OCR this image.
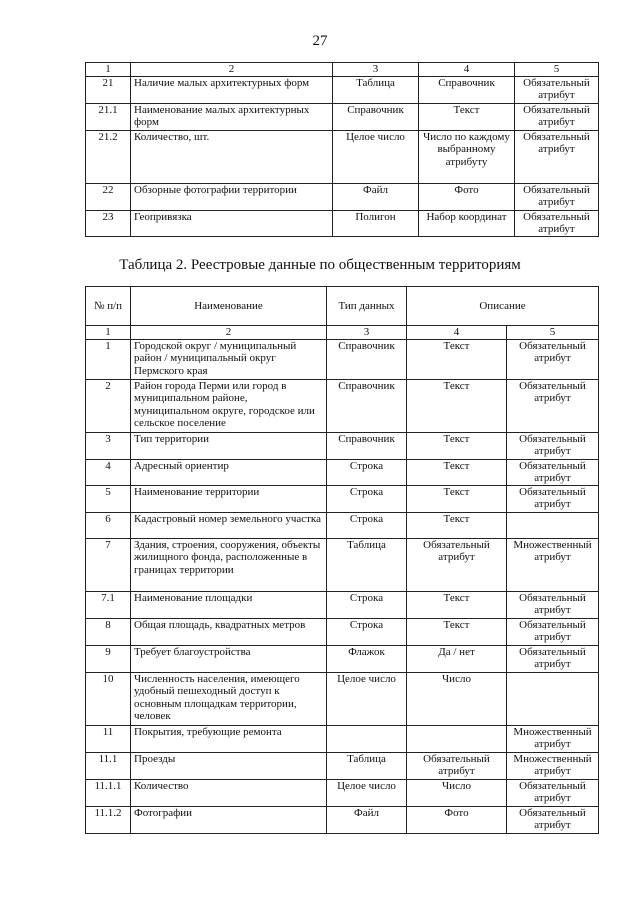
27
1	2	3	4	5
21	Наличие малых архитектурных форм	Таблица	Справочник	Обязательный атрибут
21.1	Наименование малых архитектурных форм	Справочник	Текст	Обязательный атрибут
21.2	Количество, шт.	Целое число	Число по каждому выбранному атрибуту	Обязательный атрибут
22	Обзорные фотографии территории	Файл	Фото	Обязательный атрибут
23	Геопривязка	Полигон	Набор координат	Обязательный атрибут
Таблица 2. Реестровые данные по общественным территориям
№ п/п	Наименование	Тип данных	Описание	
1	2	3	4	5
1	Городской округ / муниципальный район / муниципальный округ Пермского края	Справочник	Текст	Обязательный атрибут
2	Район города Перми или город в муниципальном районе, муниципальном округе, городское или сельское поселение	Справочник	Текст	Обязательный атрибут
3	Тип территории	Справочник	Текст	Обязательный атрибут
4	Адресный ориентир	Строка	Текст	Обязательный атрибут
5	Наименование территории	Строка	Текст	Обязательный атрибут
6	Кадастровый номер земельного участка	Строка	Текст	
7	Здания, строения, сооружения, объекты жилищного фонда, расположенные в границах территории	Таблица	Обязательный атрибут	Множественный атрибут
7.1	Наименование площадки	Строка	Текст	Обязательный атрибут
8	Общая площадь, квадратных метров	Строка	Текст	Обязательный атрибут
9	Требует благоустройства	Флажок	Да / нет	Обязательный атрибут
10	Численность населения, имеющего удобный пешеходный доступ к основным площадкам территории, человек	Целое число	Число	
11	Покрытия, требующие ремонта			Множественный атрибут
11.1	Проезды	Таблица	Обязательный атрибут	Множественный атрибут
11.1.1	Количество	Целое число	Число	Обязательный атрибут
11.1.2	Фотографии	Файл	Фото	Обязательный атрибут
